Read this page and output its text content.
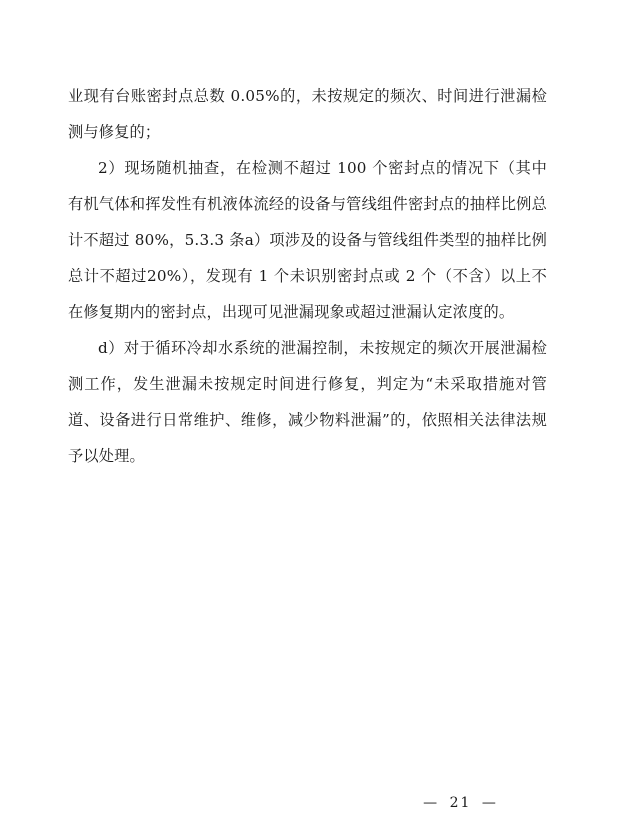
业现有台账密封点总数 0.05%的，未按规定的频次、时间进行泄漏检测与修复的；

2）现场随机抽查，在检测不超过 100 个密封点的情况下（其中有机气体和挥发性有机液体流经的设备与管线组件密封点的抽样比例总计不超过 80%，5.3.3 条a）项涉及的设备与管线组件类型的抽样比例总计不超过20%），发现有 1 个未识别密封点或 2 个（不含）以上不在修复期内的密封点，出现可见泄漏现象或超过泄漏认定浓度的。

d）对于循环冷却水系统的泄漏控制，未按规定的频次开展泄漏检测工作，发生泄漏未按规定时间进行修复，判定为“未采取措施对管道、设备进行日常维护、维修，减少物料泄漏”的，依照相关法律法规予以处理。

— 21 —
